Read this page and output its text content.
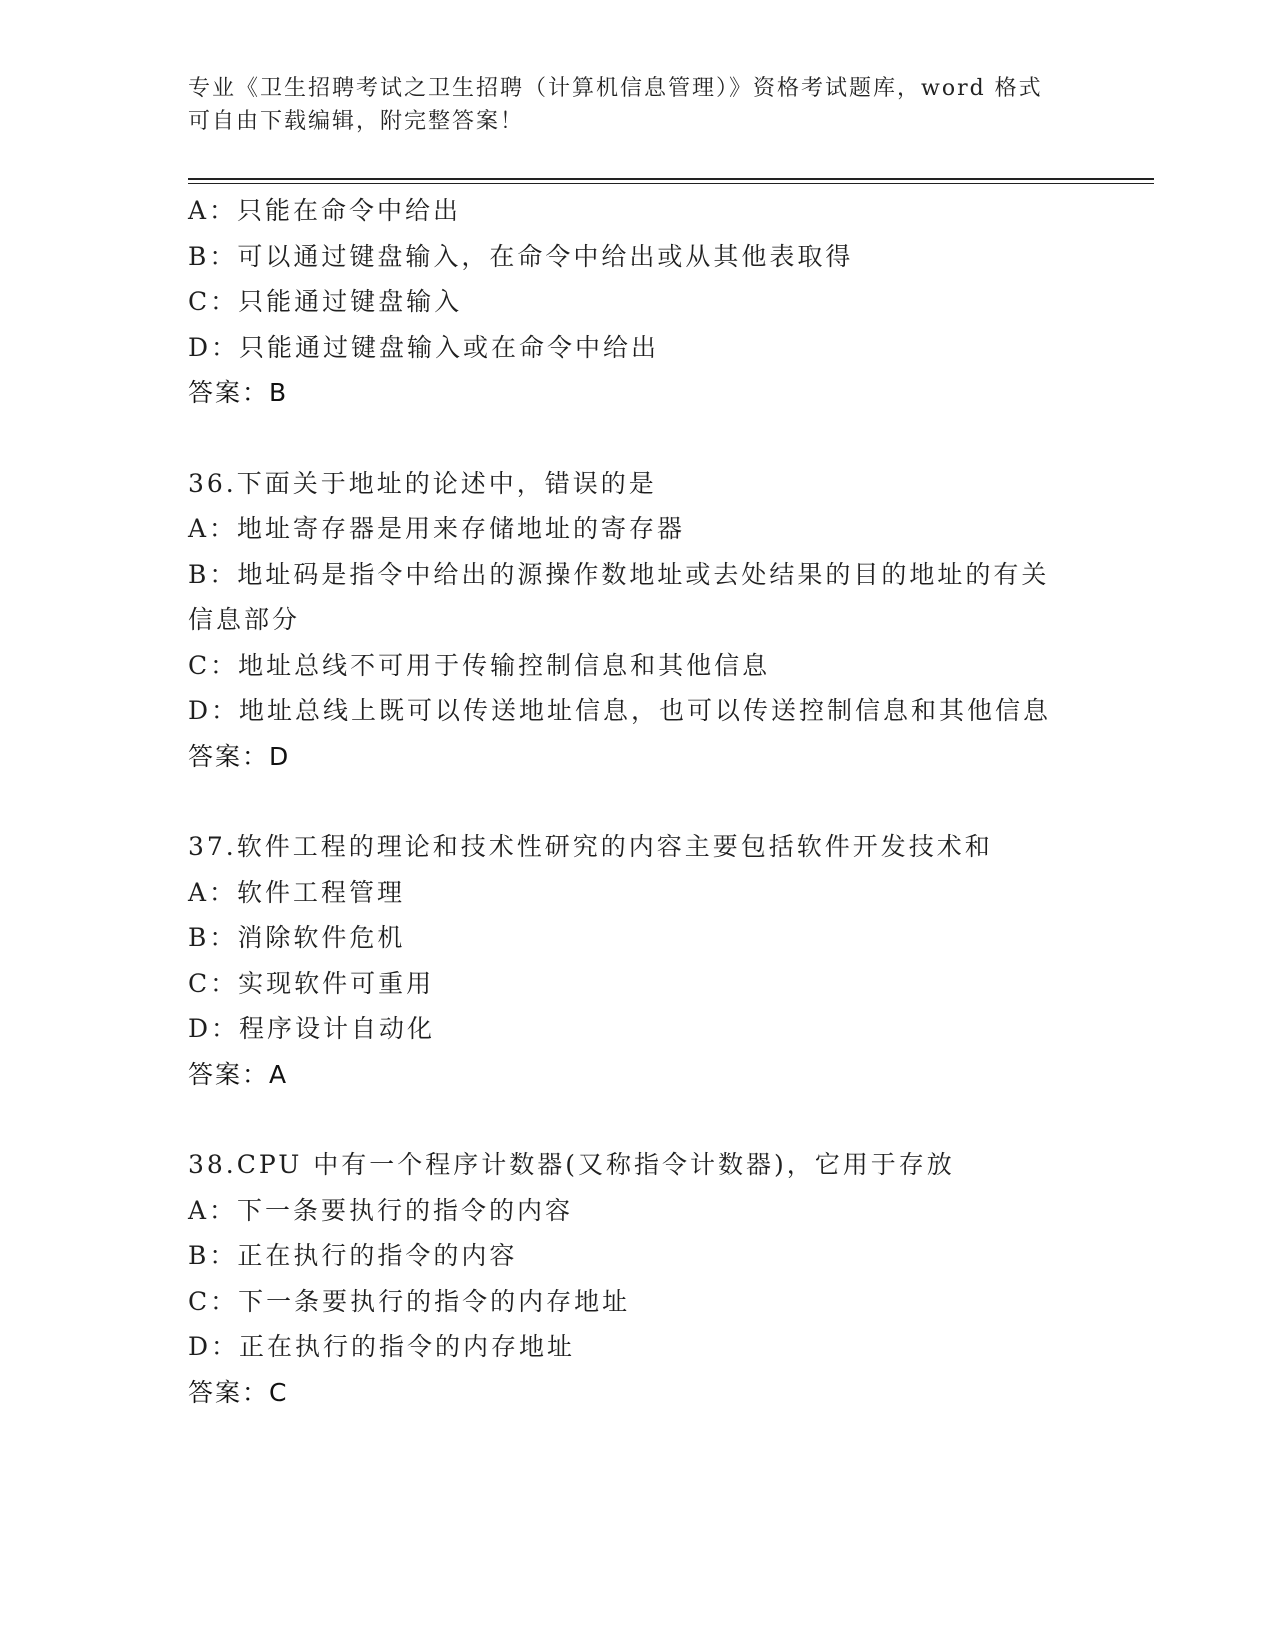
专业《卫生招聘考试之卫生招聘（计算机信息管理）》资格考试题库，word 格式
可自由下载编辑，附完整答案！
A：只能在命令中给出
B：可以通过键盘输入，在命令中给出或从其他表取得
C：只能通过键盘输入
D：只能通过键盘输入或在命令中给出
答案：B
36.下面关于地址的论述中，错误的是
A：地址寄存器是用来存储地址的寄存器
B：地址码是指令中给出的源操作数地址或去处结果的目的地址的有关
信息部分
C：地址总线不可用于传输控制信息和其他信息
D：地址总线上既可以传送地址信息，也可以传送控制信息和其他信息
答案：D
37.软件工程的理论和技术性研究的内容主要包括软件开发技术和
A：软件工程管理
B：消除软件危机
C：实现软件可重用
D：程序设计自动化
答案：A
38.CPU 中有一个程序计数器(又称指令计数器)，它用于存放
A：下一条要执行的指令的内容
B：正在执行的指令的内容
C：下一条要执行的指令的内存地址
D：正在执行的指令的内存地址
答案：C
